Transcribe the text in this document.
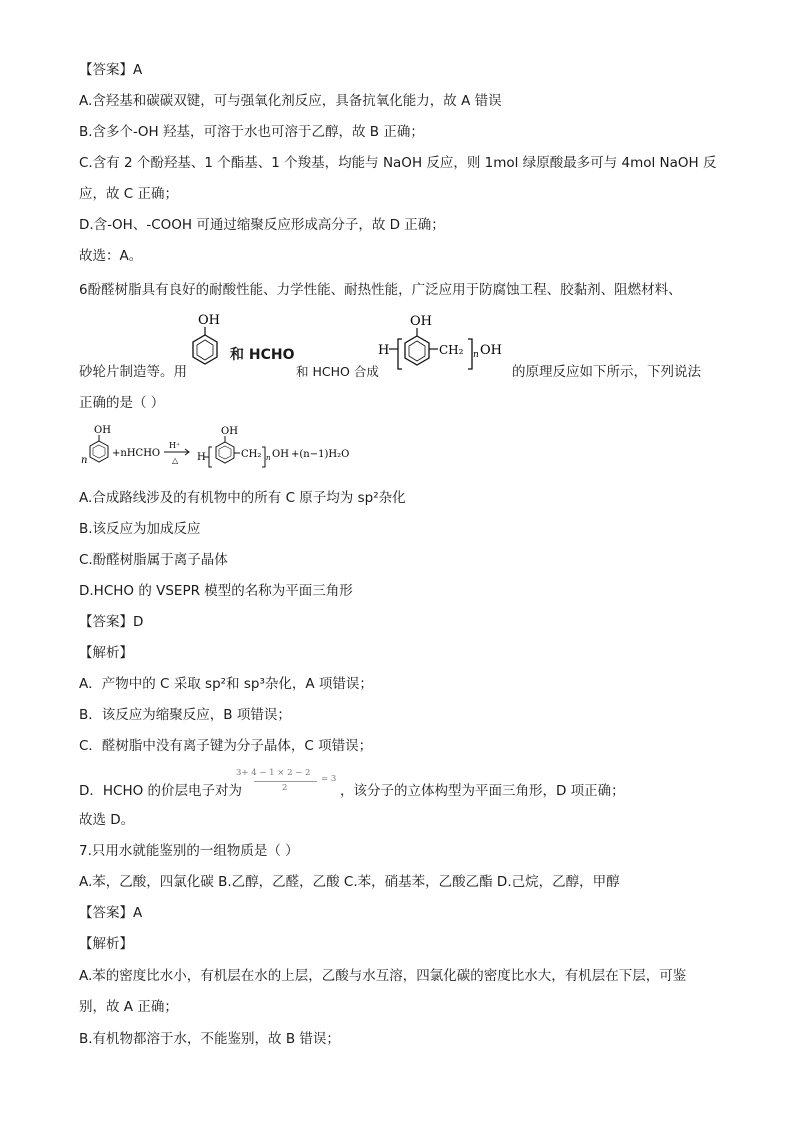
【答案】A
A.含羟基和碳碳双键，可与强氧化剂反应，具备抗氧化能力，故 A 错误
B.含多个-OH 羟基，可溶于水也可溶于乙醇，故 B 正确；
C.含有 2 个酚羟基、1 个酯基、1 个羧基，均能与 NaOH 反应，则 1mol 绿原酸最多可与 4mol NaOH 反
应，故 C 正确；
D.含-OH、-COOH 可通过缩聚反应形成高分子，故 D 正确；
故选：A。
6酚醛树脂具有良好的耐酸性能、力学性能、耐热性能，广泛应用于防腐蚀工程、胶黏剂、阻燃材料、
砂轮片制造等。用
OH
和 HCHO
和 HCHO 合成
OH
H	CH₂ n OH
的原理反应如下所示，下列说法
正确的是（ ）
OH
n
+nHCHO
H⁺
△ H
OH
CH₂ n OH +(n−1)H₂O
A.合成路线涉及的有机物中的所有 C 原子均为 sp²杂化
B.该反应为加成反应
C.酚醛树脂属于离子晶体
D.HCHO 的 VSEPR 模型的名称为平面三角形
【答案】D
【解析】
A．产物中的 C 采取 sp²和 sp³杂化，A 项错误；
B．该反应为缩聚反应，B 项错误；
C．醛树脂中没有离子键为分子晶体，C 项错误；
D．HCHO 的价层电子对为
3+ 4 − 1 × 2 − 2
2
= 3
，该分子的立体构型为平面三角形，D 项正确；
故选 D。
7.只用水就能鉴别的一组物质是（ ）
A.苯，乙酸，四氯化碳 B.乙醇，乙醛，乙酸 C.苯，硝基苯，乙酸乙酯 D.己烷，乙醇，甲醇
【答案】A
【解析】
A.苯的密度比水小，有机层在水的上层，乙酸与水互溶，四氯化碳的密度比水大，有机层在下层，可鉴
别，故 A 正确；
B.有机物都溶于水，不能鉴别，故 B 错误；
